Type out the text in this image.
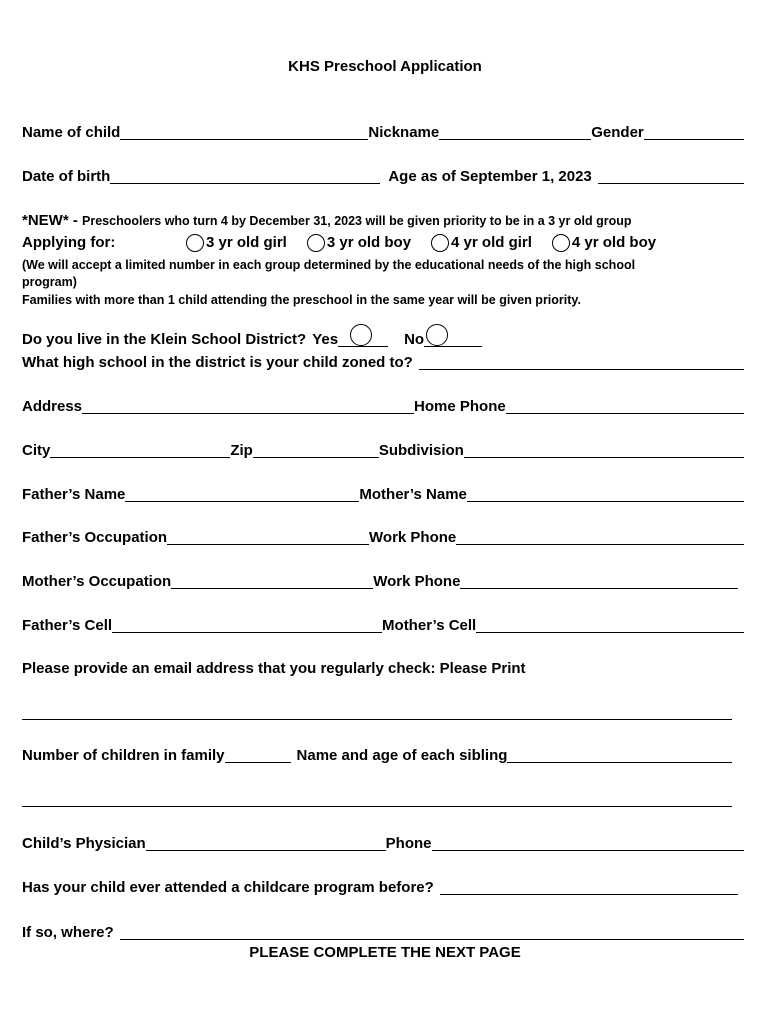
KHS Preschool Application
Name of child	Nickname	Gender
Date of birth	Age as of September 1, 2023
*NEW* - Preschoolers who turn 4 by December 31, 2023 will be given priority to be in a 3 yr old group
Applying for:	3 yr old girl	3 yr old boy	4 yr old girl	4 yr old boy
(We will accept a limited number in each group determined by the educational needs of the high school
program)
Families with more than 1 child attending the preschool in the same year will be given priority.
Do you live in the Klein School District? Yes	No
What high school in the district is your child zoned to?
Address	Home Phone
City	Zip	Subdivision
Father’s Name	Mother’s Name
Father’s Occupation	Work Phone
Mother’s Occupation	Work Phone
Father’s Cell	Mother’s Cell
Please provide an email address that you regularly check: Please Print
Number of children in family	Name and age of each sibling
Child’s Physician	Phone
Has your child ever attended a childcare program before?
If so, where?
PLEASE COMPLETE THE NEXT PAGE
